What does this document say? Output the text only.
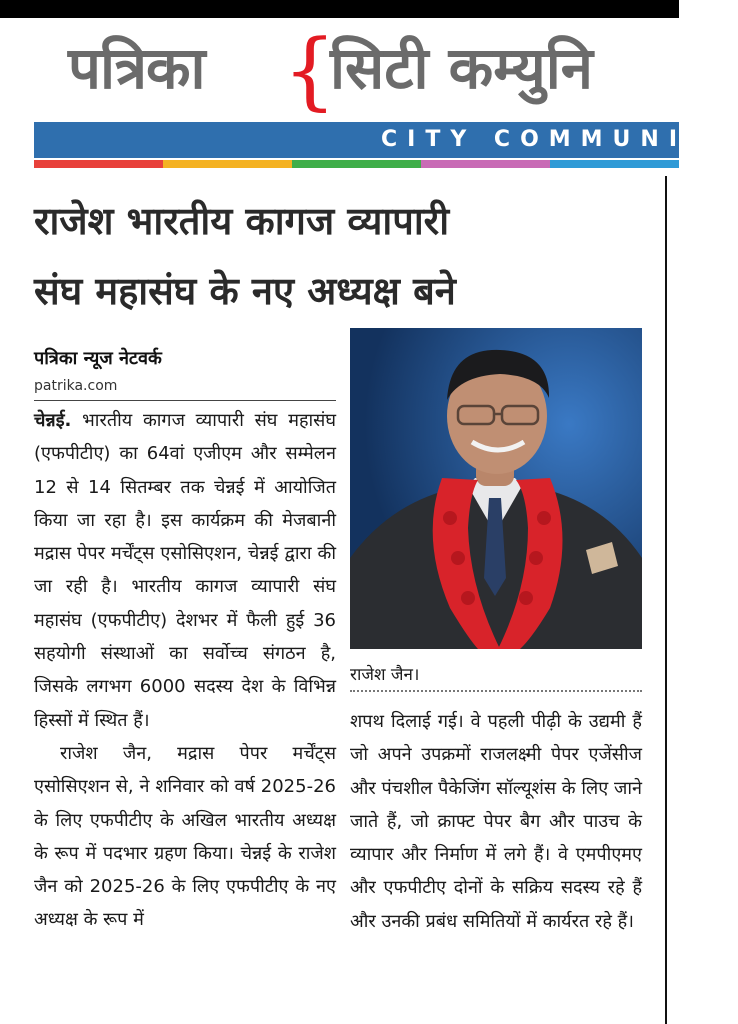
पत्रिका {
सिटी कम्युनि
CITY COMMUNITY
राजेश भारतीय कागज व्यापारी
संघ महासंघ के नए अध्यक्ष बने
पत्रिका न्यूज नेटवर्क
patrika.com

चेन्नई. भारतीय कागज व्यापारी संघ महासंघ (एफपीटीए) का 64वां एजीएम और सम्मेलन 12 से 14 सितम्बर तक चेन्नई में आयोजित किया जा रहा है। इस कार्यक्रम की मेजबानी मद्रास पेपर मर्चेंट्स एसोसिएशन, चेन्नई द्वारा की जा रही है। भारतीय कागज व्यापारी संघ महासंघ (एफपीटीए) देशभर में फैली हुई 36 सहयोगी संस्थाओं का सर्वोच्च संगठन है, जिसके लगभग 6000 सदस्य देश के विभिन्न हिस्सों में स्थित हैं।

राजेश जैन, मद्रास पेपर मर्चेंट्स एसोसिएशन से, ने शनिवार को वर्ष 2025-26 के लिए एफपीटीए के अखिल भारतीय अध्यक्ष के रूप में पदभार ग्रहण किया। चेन्नई के राजेश जैन को 2025-26 के लिए एफपीटीए के नए अध्यक्ष के रूप में

राजेश जैन।

शपथ दिलाई गई। वे पहली पीढ़ी के उद्यमी हैं जो अपने उपक्रमों राजलक्ष्मी पेपर एजेंसीज और पंचशील पैकेजिंग सॉल्यूशंस के लिए जाने जाते हैं, जो क्राफ्ट पेपर बैग और पाउच के व्यापार और निर्माण में लगे हैं। वे एमपीएमए और एफपीटीए दोनों के सक्रिय सदस्य रहे हैं और उनकी प्रबंध समितियों में कार्यरत रहे हैं।
